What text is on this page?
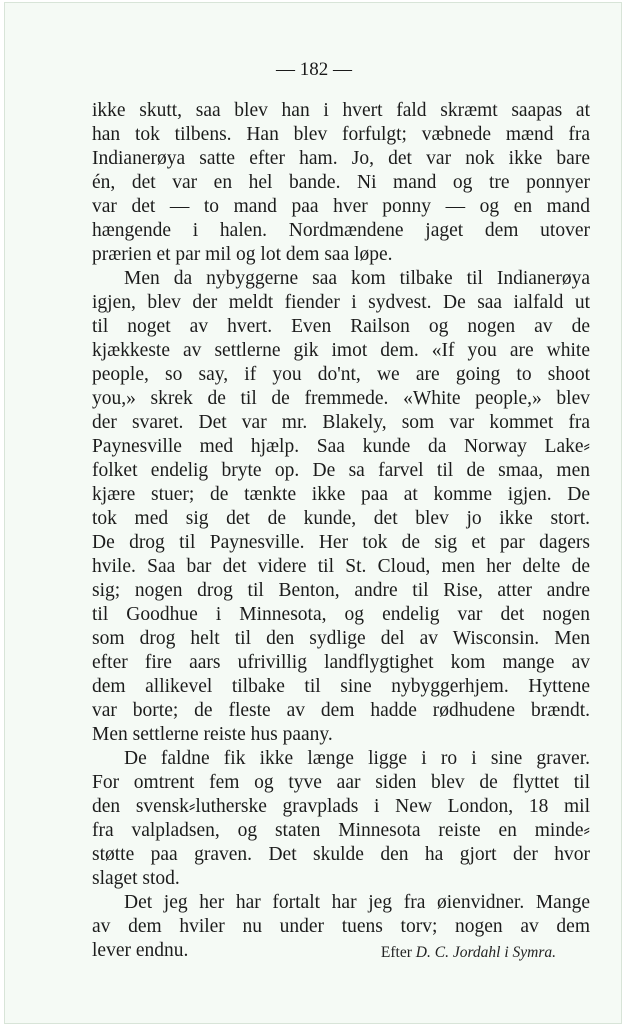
— 182 —
ikke skutt, saa blev han i hvert fald skræmt saapas at
han tok tilbens. Han blev forfulgt; væbnede mænd fra
Indianerøya satte efter ham. Jo, det var nok ikke bare
én, det var en hel bande. Ni mand og tre ponnyer
var det — to mand paa hver ponny — og en mand
hængende i halen. Nordmændene jaget dem utover
prærien et par mil og lot dem saa løpe.
Men da nybyggerne saa kom tilbake til Indianerøya
igjen, blev der meldt fiender i sydvest. De saa ialfald ut
til noget av hvert. Even Railson og nogen av de
kjækkeste av settlerne gik imot dem. «If you are white
people, so say, if you do'nt, we are going to shoot
you,» skrek de til de fremmede. «White people,» blev
der svaret. Det var mr. Blakely, som var kommet fra
Paynesville med hjælp. Saa kunde da Norway Lake⸗
folket endelig bryte op. De sa farvel til de smaa, men
kjære stuer; de tænkte ikke paa at komme igjen. De
tok med sig det de kunde, det blev jo ikke stort.
De drog til Paynesville. Her tok de sig et par dagers
hvile. Saa bar det videre til St. Cloud, men her delte de
sig; nogen drog til Benton, andre til Rise, atter andre
til Goodhue i Minnesota, og endelig var det nogen
som drog helt til den sydlige del av Wisconsin. Men
efter fire aars ufrivillig landflygtighet kom mange av
dem allikevel tilbake til sine nybyggerhjem. Hyttene
var borte; de fleste av dem hadde rødhudene brændt.
Men settlerne reiste hus paany.
De faldne fik ikke længe ligge i ro i sine graver.
For omtrent fem og tyve aar siden blev de flyttet til
den svensk⸗lutherske gravplads i New London, 18 mil
fra valpladsen, og staten Minnesota reiste en minde⸗
støtte paa graven. Det skulde den ha gjort der hvor
slaget stod.
Det jeg her har fortalt har jeg fra øienvidner. Mange
av dem hviler nu under tuens torv; nogen av dem
lever endnu.	Efter D. C. Jordahl i Symra.
